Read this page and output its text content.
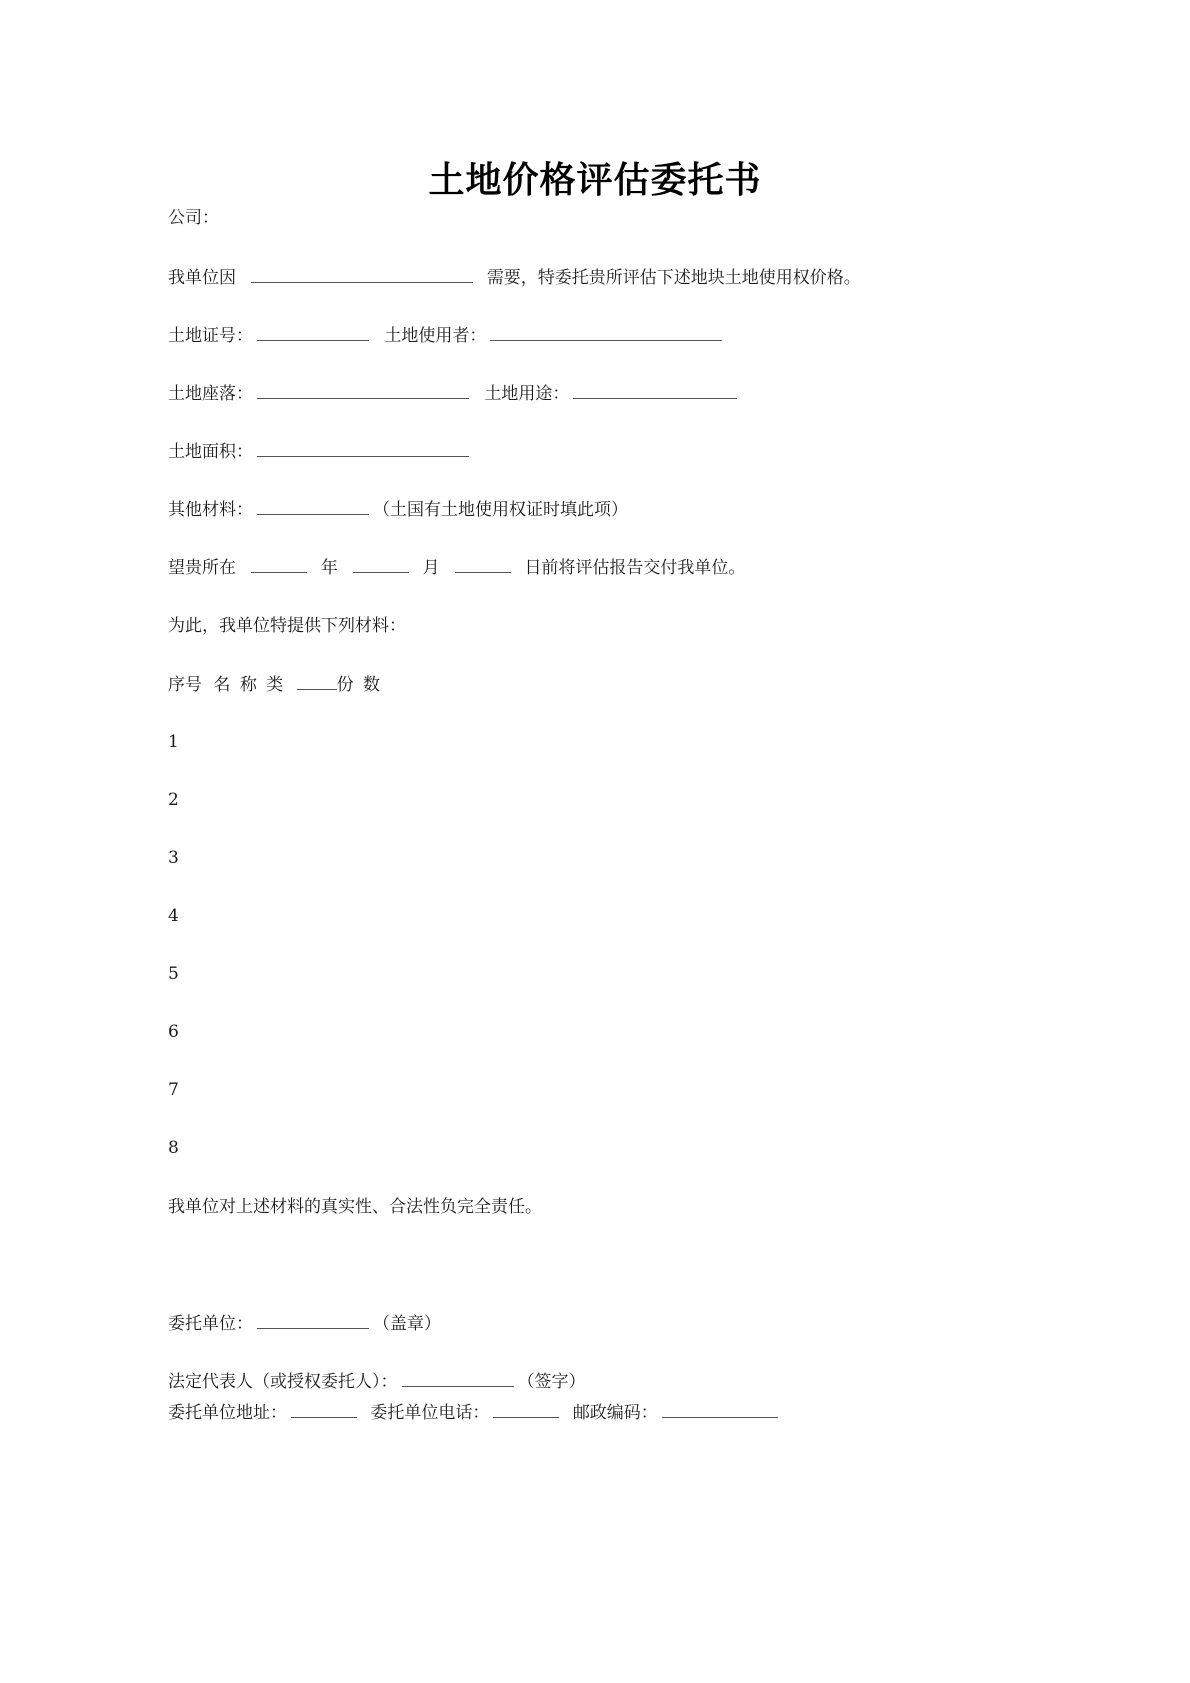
土地价格评估委托书
公司：
我单位因	需要，特委托贵所评估下述地块土地使用权价格。
土地证号：	土地使用者：
土地座落：	土地用途：
土地面积：
其他材料：	（土国有土地使用权证时填此项）
望贵所在	年	月	日前将评估报告交付我单位。
为此，我单位特提供下列材料：
序号 名 称 类	份 数
1
2
3
4
5
6
7
8
我单位对上述材料的真实性、合法性负完全责任。
委托单位：	（盖章）
法定代表人（或授权委托人）：	（签字）
委托单位地址：	委托单位电话：	邮政编码：
